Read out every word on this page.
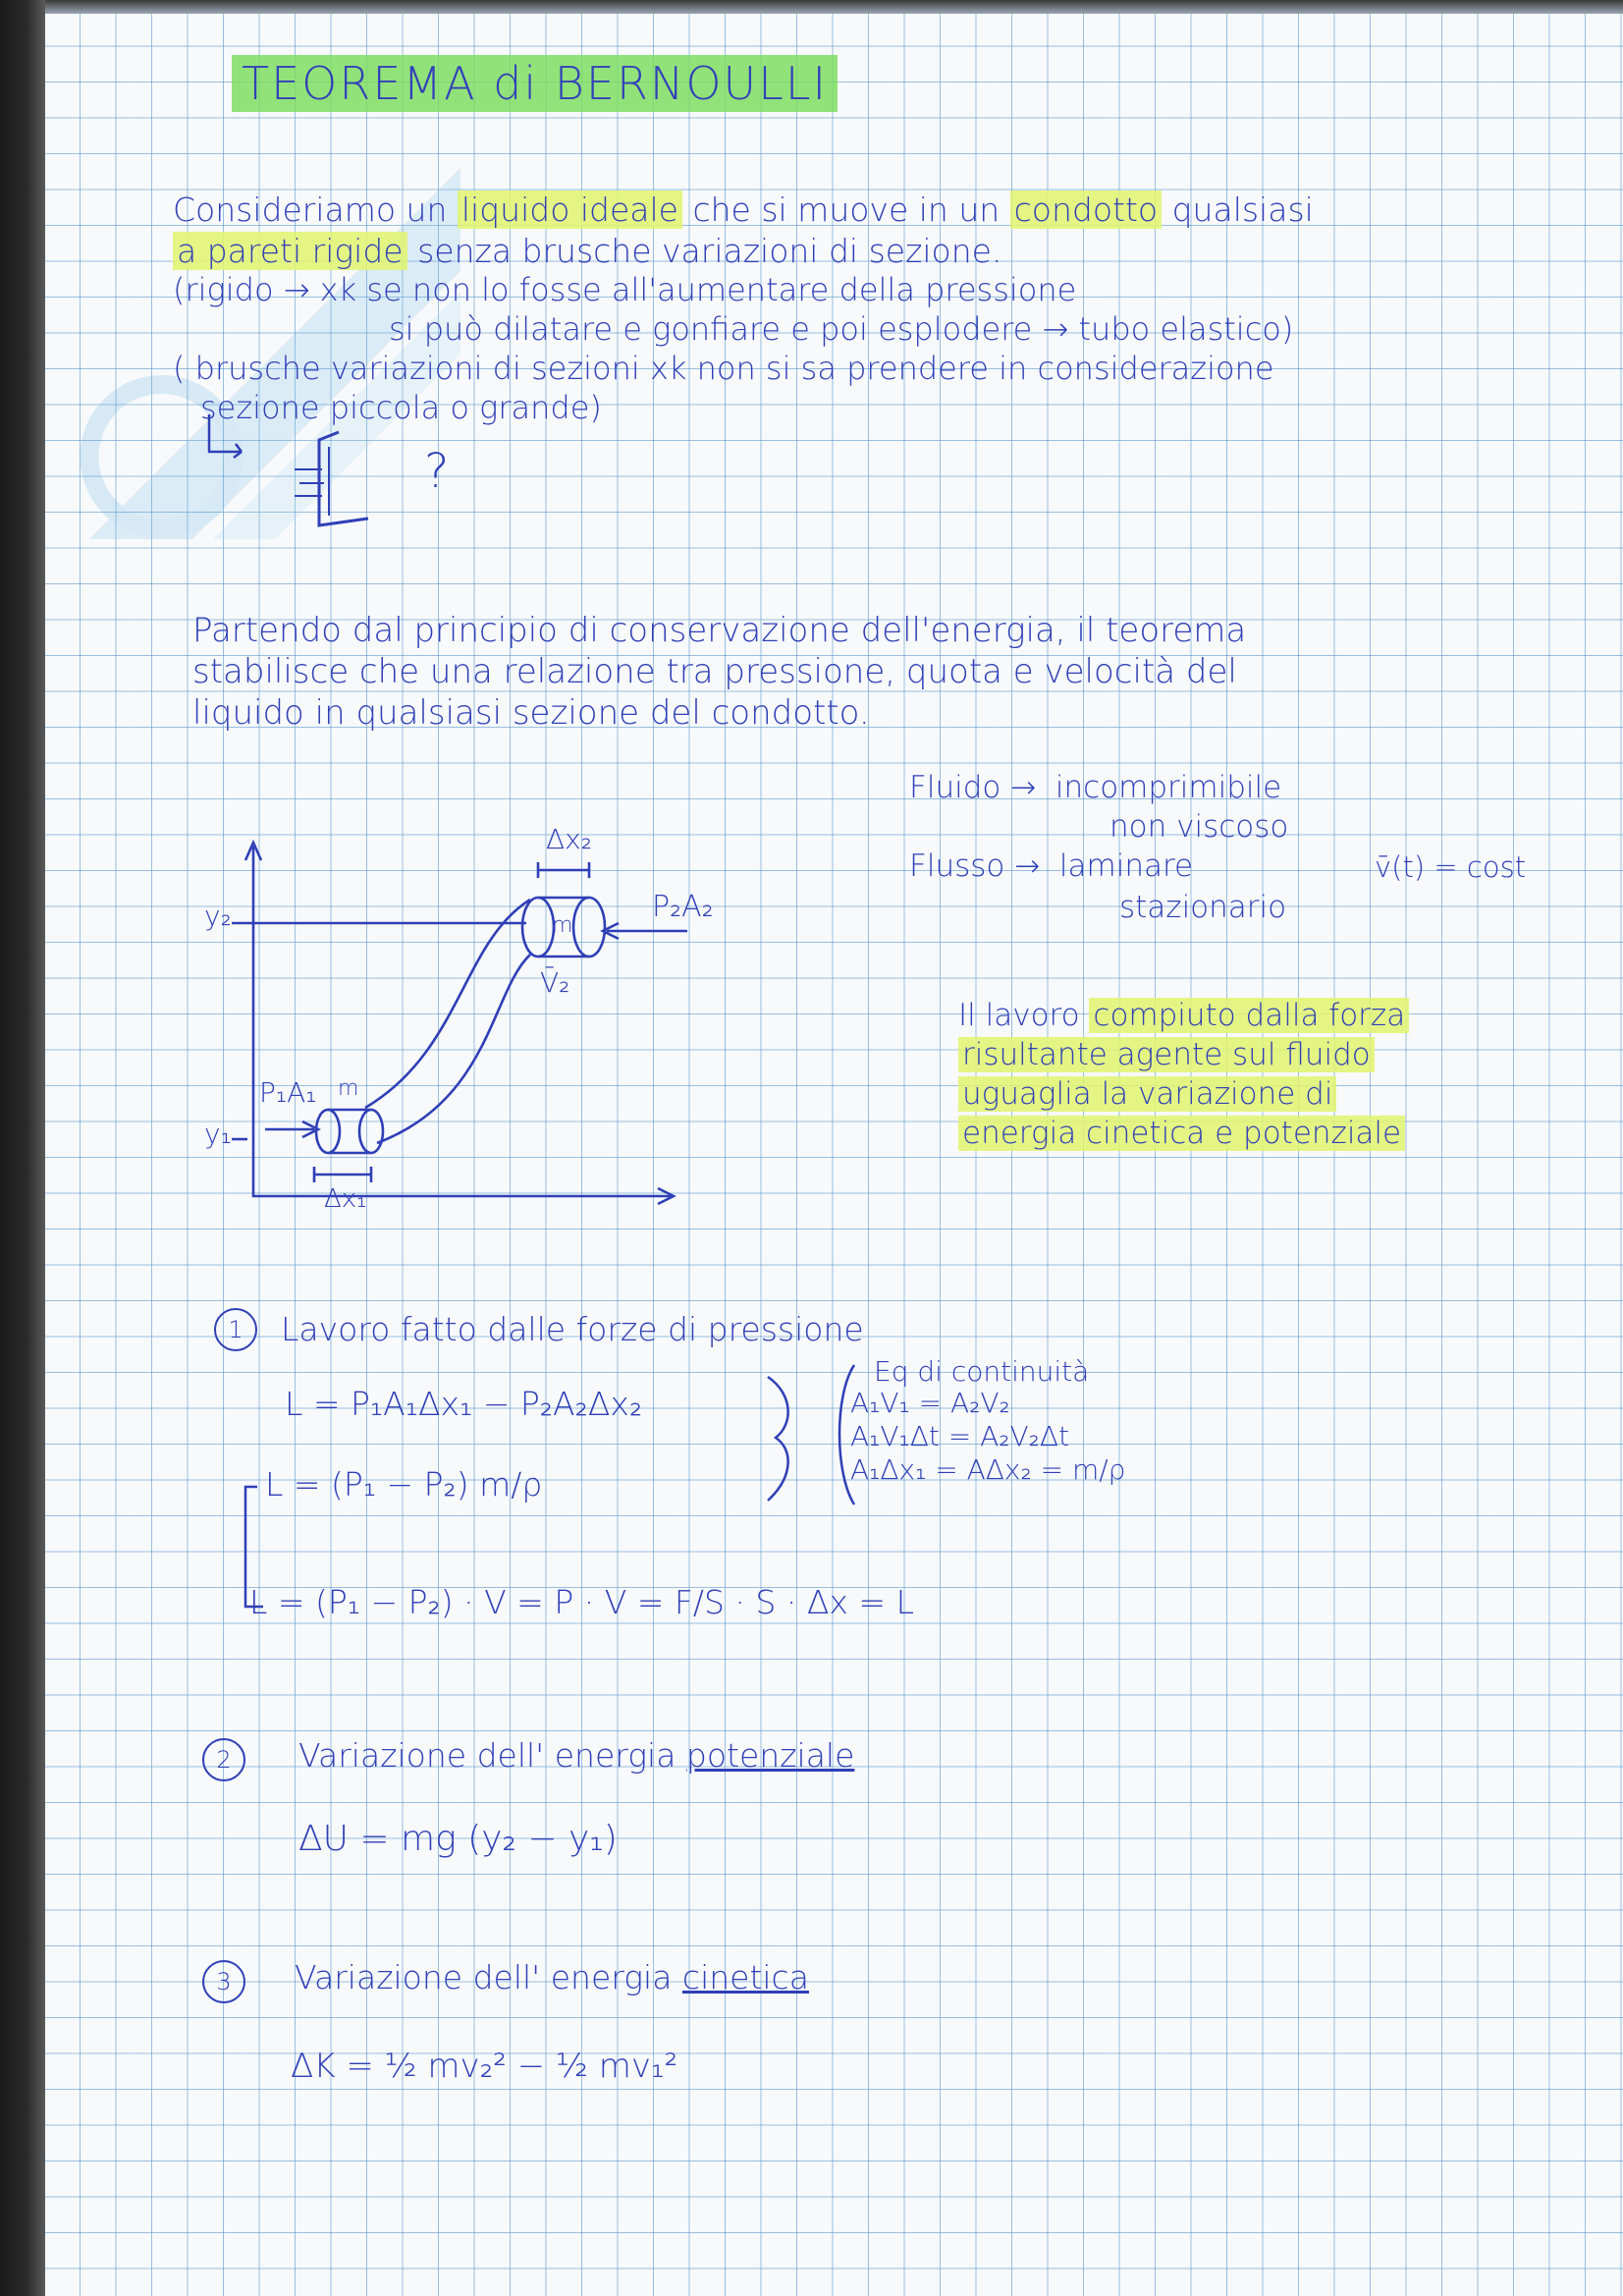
TEOREMA di BERNOULLI
Consideriamo un liquido ideale che si muove in un condotto qualsiasi
a pareti rigide senza brusche variazioni di sezione.
(rigido → xk se non lo fosse all'aumentare della pressione
si può dilatare e gonfiare e poi esplodere → tubo elastico)
( brusche variazioni di sezioni xk non si sa prendere in considerazione
sezione piccola o grande)
?
Partendo dal principio di conservazione dell'energia, il teorema
stabilisce che una relazione tra pressione, quota e velocità del
liquido in qualsiasi sezione del condotto.
Fluido → incomprimibile
non viscoso
Flusso → laminare	v̄(t) = cost
stazionario
Il lavoro compiuto dalla forza
risultante agente sul fluido
uguaglia la variazione di
energia cinetica e potenziale
y₂
y₁
Δx₂
P₂A₂
m
V̄₂
P₁A₁ m
Δx₁
1	Lavoro fatto dalle forze di pressione
L = P₁A₁Δx₁ − P₂A₂Δx₂
Eq di continuità
A₁V₁ = A₂V₂
A₁V₁Δt = A₂V₂Δt
A₁Δx₁ = AΔx₂ = m/ρ
L = (P₁ − P₂) m/ρ
L = (P₁ − P₂) · V = P · V = F/S · S · Δx = L
2	Variazione dell' energia potenziale
ΔU = mg (y₂ − y₁)
3	Variazione dell' energia cinetica
ΔK = ½ mv₂² − ½ mv₁²
